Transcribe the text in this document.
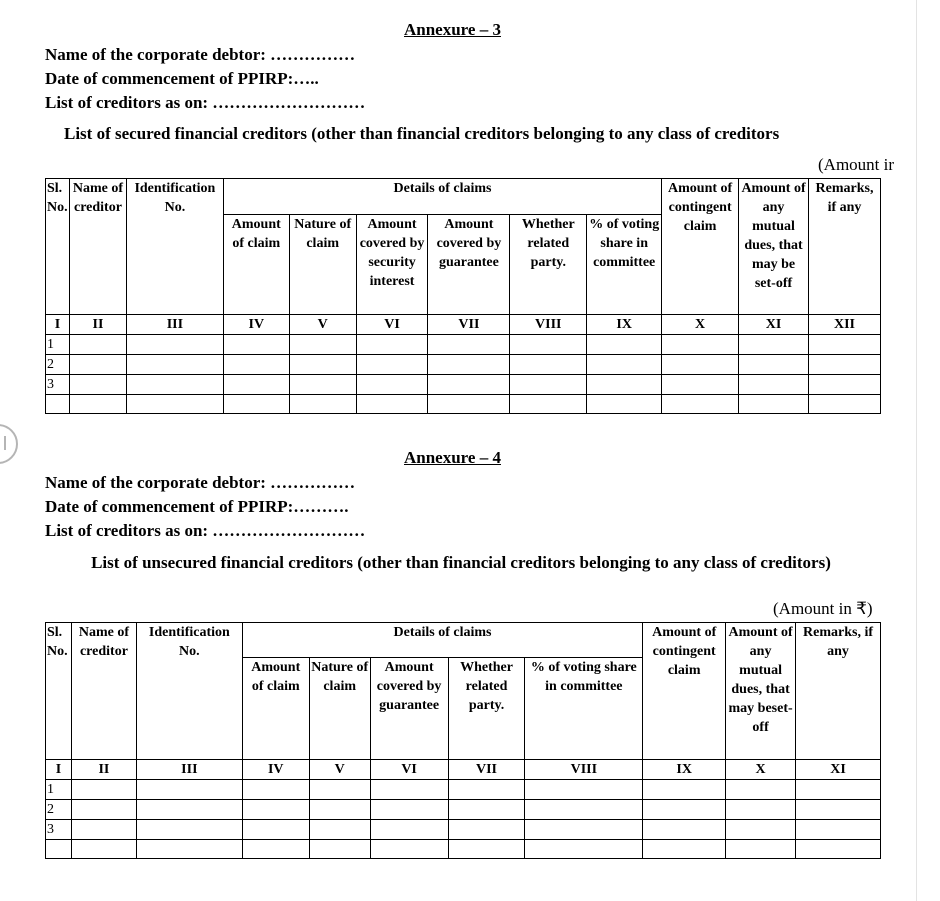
Annexure – 3
Name of the corporate debtor: ……………
Date of commencement of PPIRP:…..
List of creditors as on: ………………………
List of secured financial creditors (other than financial creditors belonging to any class of creditors
(Amount ir
Sl. No.	Name of creditor	Identification No.	Details of claims						Amount of contingent claim	Amount of any mutual dues, that may be set-off	Remarks, if any
			Amount of claim	Nature of claim	Amount covered by security interest	Amount covered by guarantee	Whether related party.	% of voting share in committee			
I	II	III	IV	V	VI	VII	VIII	IX	X	XI	XII
1											
2											
3											

Annexure – 4
Name of the corporate debtor: ……………
Date of commencement of PPIRP:……….
List of creditors as on: ………………………
List of unsecured financial creditors (other than financial creditors belonging to any class of creditors)
(Amount in ₹)
Sl. No.	Name of creditor	Identification No.	Details of claims					Amount of contingent claim	Amount of any mutual dues, that may beset-off	Remarks, if any
			Amount of claim	Nature of claim	Amount covered by guarantee	Whether related party.	% of voting share in committee			
I	II	III	IV	V	VI	VII	VIII	IX	X	XI
1										
2										
3										
